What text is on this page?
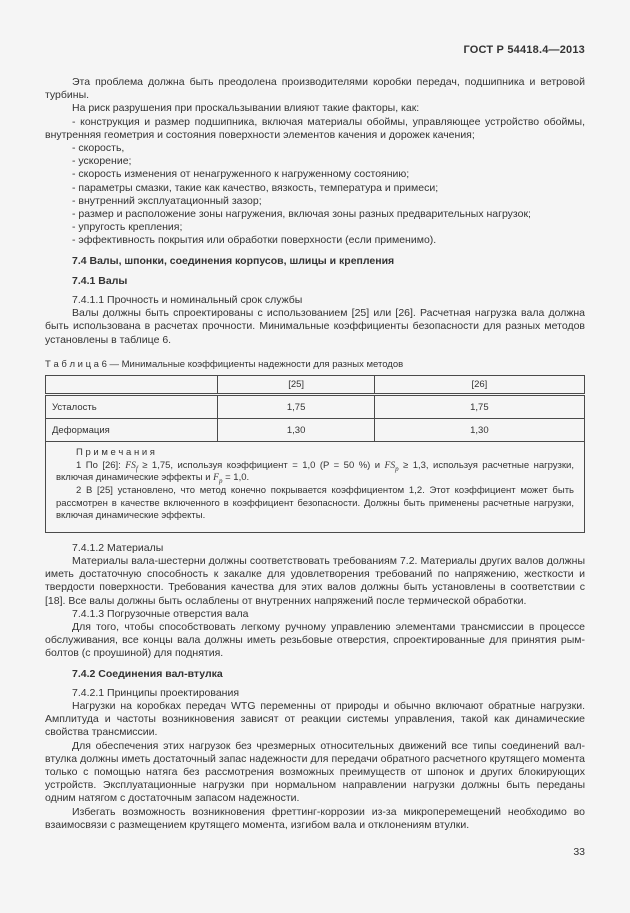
ГОСТ Р 54418.4—2013

Эта проблема должна быть преодолена производителями коробки передач, подшипника и ветровой турбины.

На риск разрушения при проскальзывании влияют такие факторы, как:

- конструкция и размер подшипника, включая материалы обоймы, управляющее устройство обоймы, внутренняя геометрия и состояния поверхности элементов качения и дорожек качения;
- скорость,
- ускорение;
- скорость изменения от ненагруженного к нагруженному состоянию;
- параметры смазки, такие как качество, вязкость, температура и примеси;
- внутренний эксплуатационный зазор;
- размер и расположение зоны нагружения, включая зоны разных предварительных нагрузок;
- упругость крепления;
- эффективность покрытия или обработки поверхности (если применимо).
7.4 Валы, шпонки, соединения корпусов, шлицы и крепления
7.4.1 Валы
7.4.1.1 Прочность и номинальный срок службы

Валы должны быть спроектированы с использованием [25] или [26]. Расчетная нагрузка вала должна быть использована в расчетах прочности. Минимальные коэффициенты безопасности для разных методов установлены в таблице 6.

Т а б л и ц а 6 — Минимальные коэффициенты надежности для разных методов
	[25]	[26]
Усталость	1,75	1,75
Деформация	1,30	1,30

П р и м е ч а н и я

1 По [26]: $FS_f \ge 1,75$, используя коэффициент = 1,0 (P = 50 %) и $FS_p \ge 1,3$, используя расчетные нагрузки, включая динамические эффекты и $F_p = 1,0$.

2 В [25] установлено, что метод конечно покрывается коэффициентом 1,2. Этот коэффициент может быть рассмотрен в качестве включенного в коэффициент безопасности. Должны быть применены расчетные нагрузки, включая динамические эффекты.		

7.4.1.2 Материалы

Материалы вала-шестерни должны соответствовать требованиям 7.2. Материалы других валов должны иметь достаточную способность к закалке для удовлетворения требований по напряжению, жесткости и твердости поверхности. Требования качества для этих валов должны быть установлены в соответствии с [18]. Все валы должны быть ослаблены от внутренних напряжений после термической обработки.

7.4.1.3 Погрузочные отверстия вала

Для того, чтобы способствовать легкому ручному управлению элементами трансмиссии в процессе обслуживания, все концы вала должны иметь резьбовые отверстия, спроектированные для принятия рым-болтов (с проушиной) для поднятия.

7.4.2 Соединения вал-втулка
7.4.2.1 Принципы проектирования

Нагрузки на коробках передач WTG переменны от природы и обычно включают обратные нагрузки. Амплитуда и частоты возникновения зависят от реакции системы управления, такой как динамические свойства трансмиссии.

Для обеспечения этих нагрузок без чрезмерных относительных движений все типы соединений вал-втулка должны иметь достаточный запас надежности для передачи обратного расчетного крутящего момента только с помощью натяга без рассмотрения возможных преимуществ от шпонок и других блокирующих устройств. Эксплуатационные нагрузки при нормальном направлении нагрузки должны быть переданы одним натягом с достаточным запасом надежности.

Избегать возможность возникновения фреттинг-коррозии из-за микроперемещений необходимо во взаимосвязи с размещением крутящего момента, изгибом вала и отклонениям втулки.

33
